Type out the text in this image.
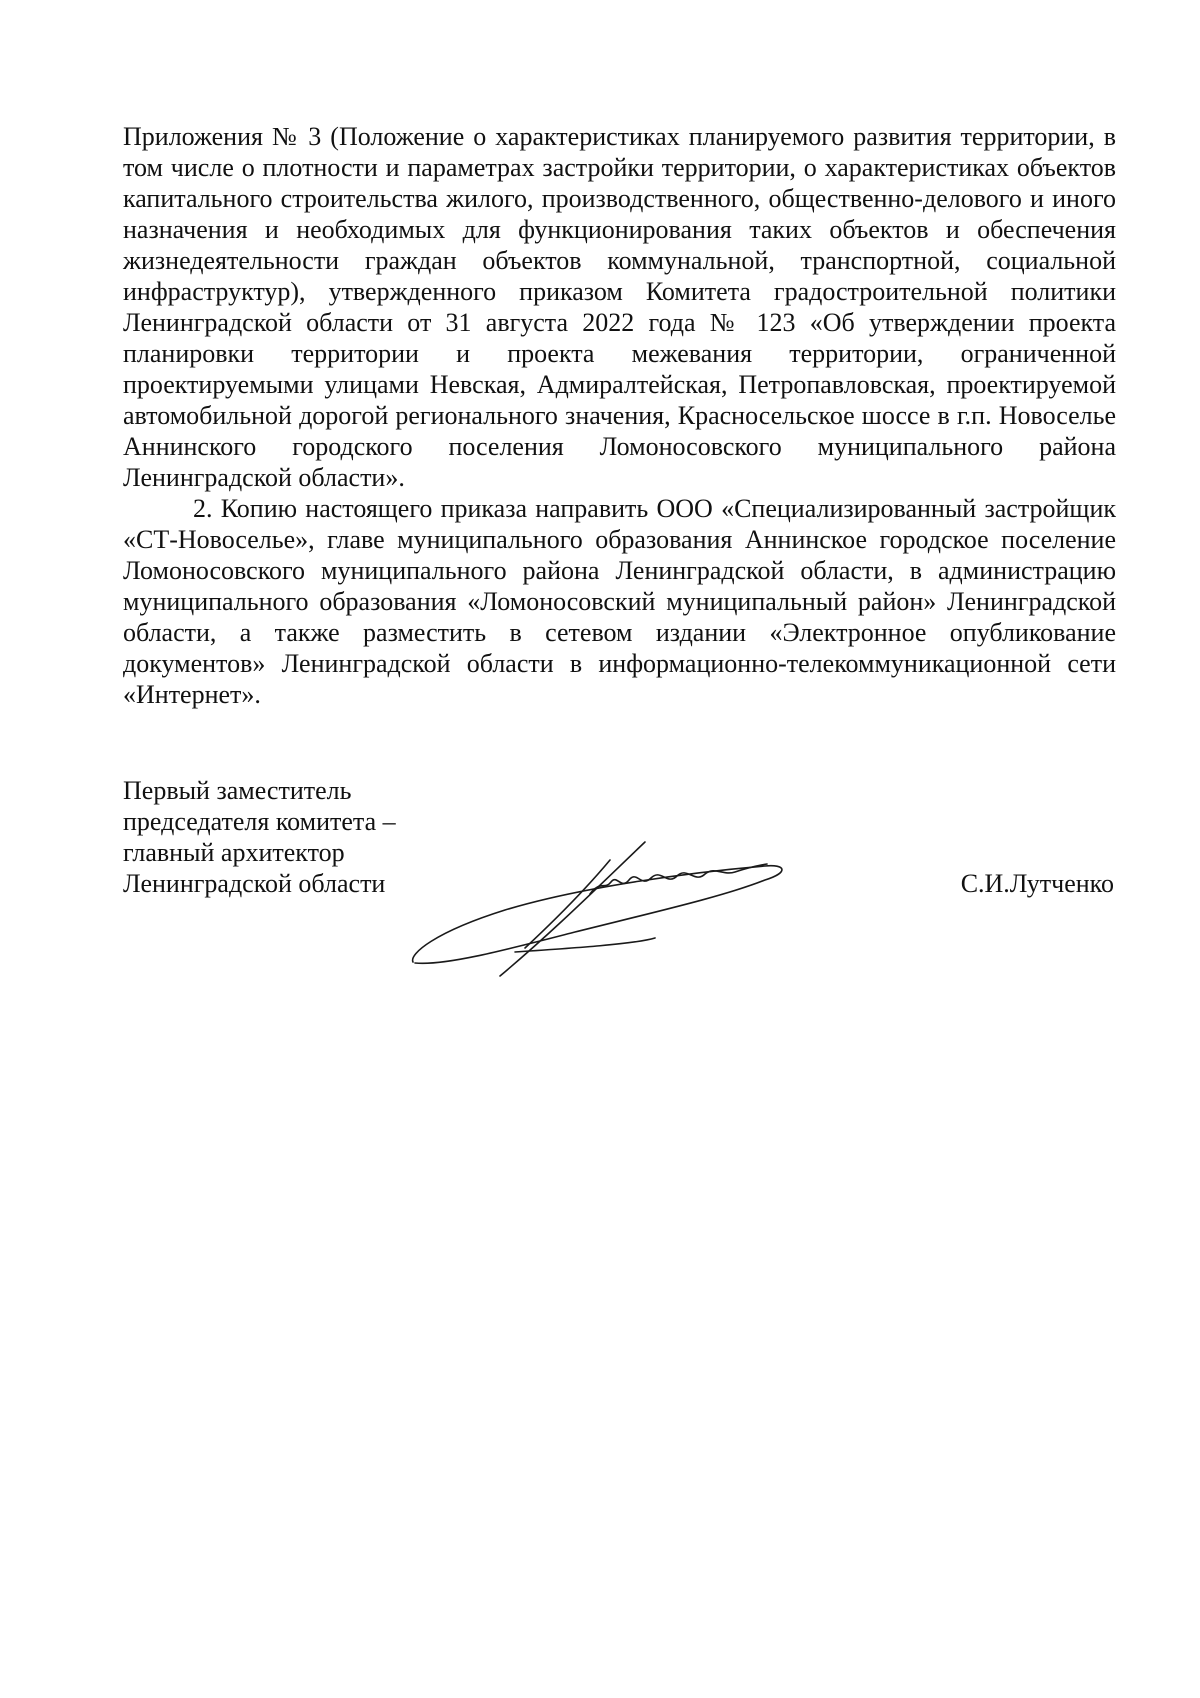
Приложения № 3 (Положение о характеристиках планируемого развития территории, в том числе о плотности и параметрах застройки территории, о характеристиках объектов капитального строительства жилого, производственного, общественно-делового и иного назначения и необходимых для функционирования таких объектов и обеспечения жизнедеятельности граждан объектов коммунальной, транспортной, социальной инфраструктур), утвержденного приказом Комитета градостроительной политики Ленинградской области от 31 августа 2022 года № 123 «Об утверждении проекта планировки территории и проекта межевания территории, ограниченной проектируемыми улицами Невская, Адмиралтейская, Петропавловская, проектируемой автомобильной дорогой регионального значения, Красносельское шоссе в г.п. Новоселье Аннинского городского поселения Ломоносовского муниципального района Ленинградской области».

2. Копию настоящего приказа направить ООО «Специализированный застройщик «СТ-Новоселье», главе муниципального образования Аннинское городское поселение Ломоносовского муниципального района Ленинградской области, в администрацию муниципального образования «Ломоносовский муниципальный район» Ленинградской области, а также разместить в сетевом издании «Электронное опубликование документов» Ленинградской области в информационно-телекоммуникационной сети «Интернет».

Первый заместитель
председателя комитета –
главный архитектор
Ленинградской области	С.И.Лутченко
